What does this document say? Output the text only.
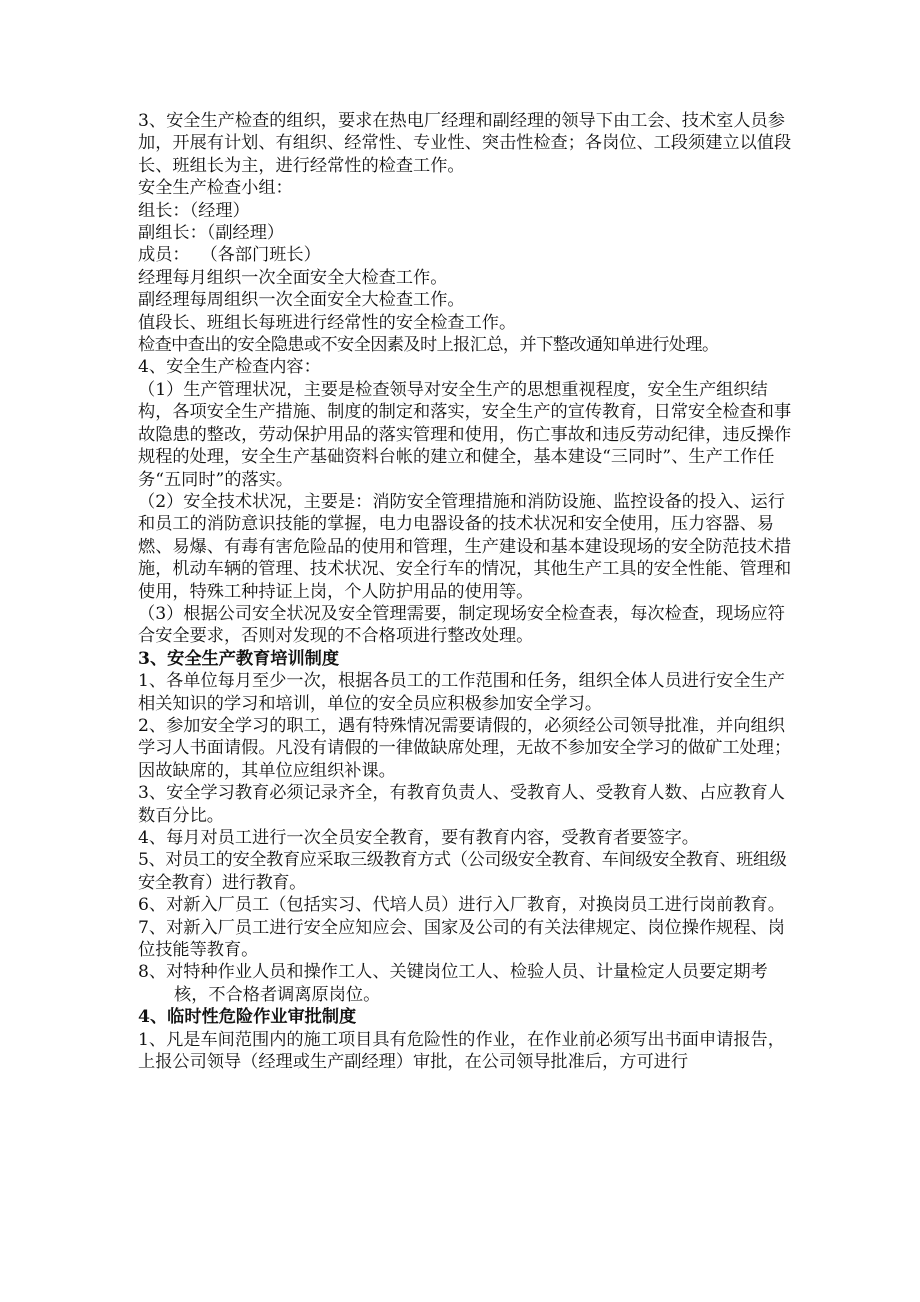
3、安全生产检查的组织，要求在热电厂经理和副经理的领导下由工会、技术室人员参加，开展有计划、有组织、经常性、专业性、突击性检查；各岗位、工段须建立以值段长、班组长为主，进行经常性的检查工作。

安全生产检查小组：

组长：（经理）

副组长：（副经理）

成员：  （各部门班长）

经理每月组织一次全面安全大检查工作。

副经理每周组织一次全面安全大检查工作。

值段长、班组长每班进行经常性的安全检查工作。

检查中查出的安全隐患或不安全因素及时上报汇总，并下整改通知单进行处理。

4、安全生产检查内容：

（1）生产管理状况，主要是检查领导对安全生产的思想重视程度，安全生产组织结构，各项安全生产措施、制度的制定和落实，安全生产的宣传教育，日常安全检查和事故隐患的整改，劳动保护用品的落实管理和使用，伤亡事故和违反劳动纪律，违反操作规程的处理，安全生产基础资料台帐的建立和健全，基本建设“三同时”、生产工作任务“五同时”的落实。

（2）安全技术状况，主要是：消防安全管理措施和消防设施、监控设备的投入、运行和员工的消防意识技能的掌握，电力电器设备的技术状况和安全使用，压力容器、易燃、易爆、有毒有害危险品的使用和管理，生产建设和基本建设现场的安全防范技术措施，机动车辆的管理、技术状况、安全行车的情况，其他生产工具的安全性能、管理和使用，特殊工种持证上岗，个人防护用品的使用等。

（3）根据公司安全状况及安全管理需要，制定现场安全检查表，每次检查，现场应符合安全要求，否则对发现的不合格项进行整改处理。

3、安全生产教育培训制度

1、各单位每月至少一次，根据各员工的工作范围和任务，组织全体人员进行安全生产相关知识的学习和培训，单位的安全员应积极参加安全学习。

2、参加安全学习的职工，遇有特殊情况需要请假的，必须经公司领导批准，并向组织学习人书面请假。凡没有请假的一律做缺席处理，无故不参加安全学习的做矿工处理；因故缺席的，其单位应组织补课。

3、安全学习教育必须记录齐全，有教育负责人、受教育人、受教育人数、占应教育人数百分比。

4、每月对员工进行一次全员安全教育，要有教育内容，受教育者要签字。

5、对员工的安全教育应采取三级教育方式（公司级安全教育、车间级安全教育、班组级安全教育）进行教育。

6、对新入厂员工（包括实习、代培人员）进行入厂教育，对换岗员工进行岗前教育。

7、对新入厂员工进行安全应知应会、国家及公司的有关法律规定、岗位操作规程、岗位技能等教育。

8、对特种作业人员和操作工人、关键岗位工人、检验人员、计量检定人员要定期考核，不合格者调离原岗位。

4、临时性危险作业审批制度

1、凡是车间范围内的施工项目具有危险性的作业，在作业前必须写出书面申请报告，上报公司领导（经理或生产副经理）审批，在公司领导批准后，方可进行
